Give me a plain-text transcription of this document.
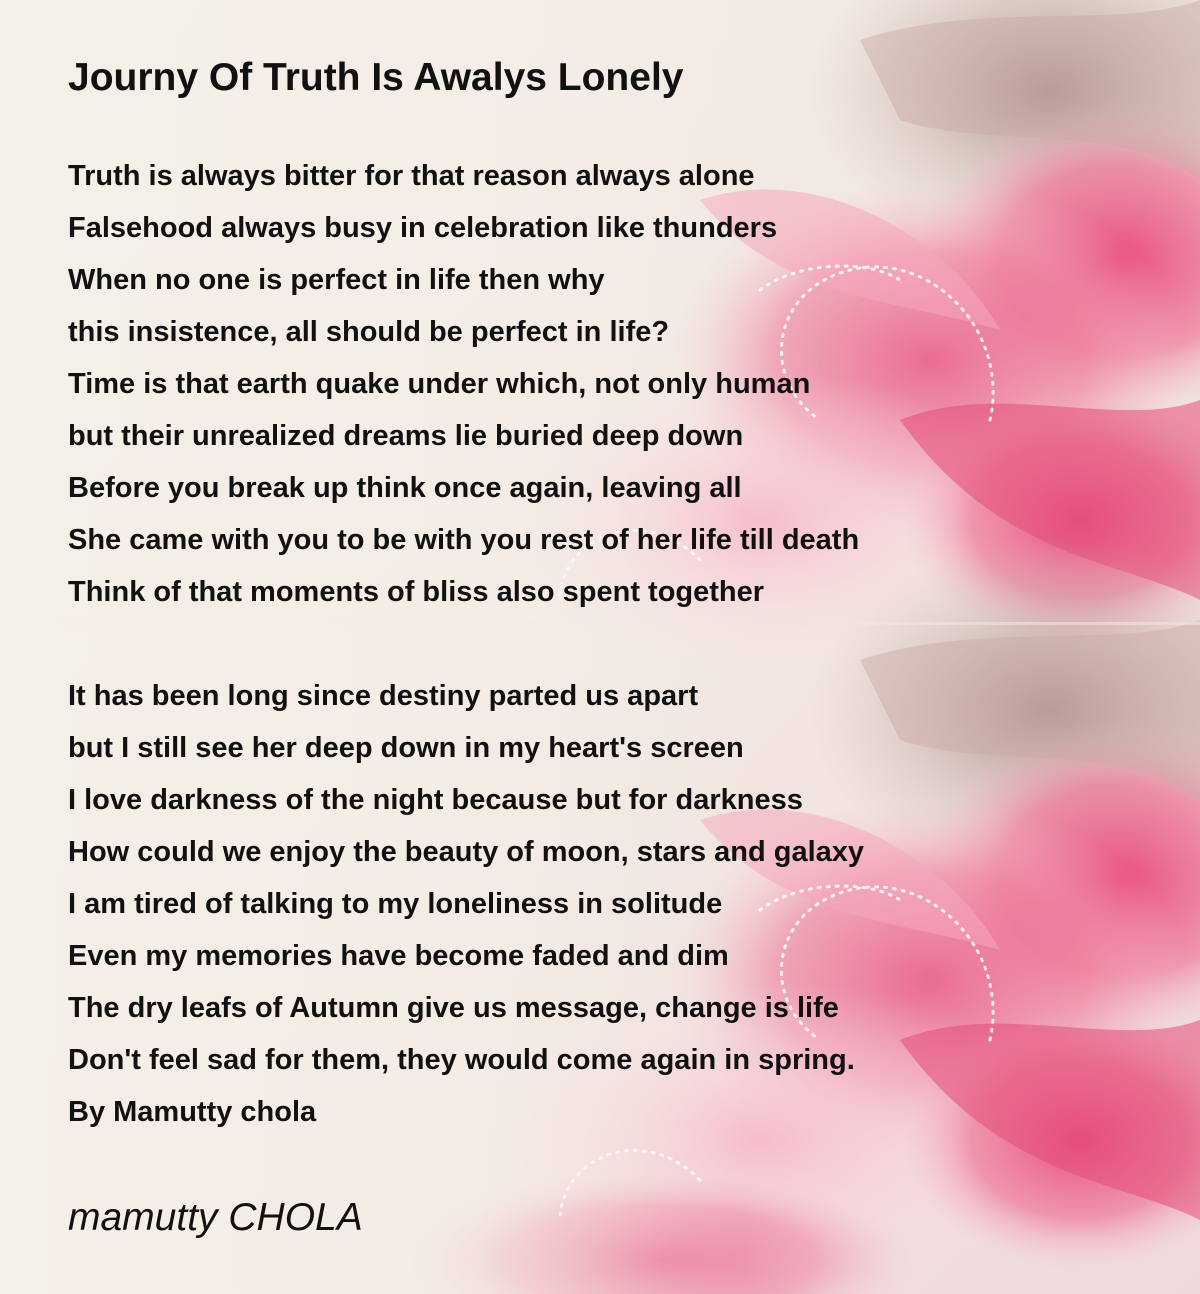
Journy Of Truth Is Awalys Lonely
Truth is always bitter for that reason always alone
Falsehood always busy in celebration like thunders
When no one is perfect in life then why
this insistence, all should be perfect in life?
Time is that earth quake under which, not only human
but their unrealized dreams lie buried deep down
Before you break up think once again, leaving all
She came with you to be with you rest of her life till death
Think of that moments of bliss also spent together
It has been long since destiny parted us apart
but I still see her deep down in my heart's screen
I love darkness of the night because but for darkness
How could we enjoy the beauty of moon, stars and galaxy
I am tired of talking to my loneliness in solitude
Even my memories have become faded and dim
The dry leafs of Autumn give us message, change is life
Don't feel sad for them, they would come again in spring.
By Mamutty chola
mamutty CHOLA
